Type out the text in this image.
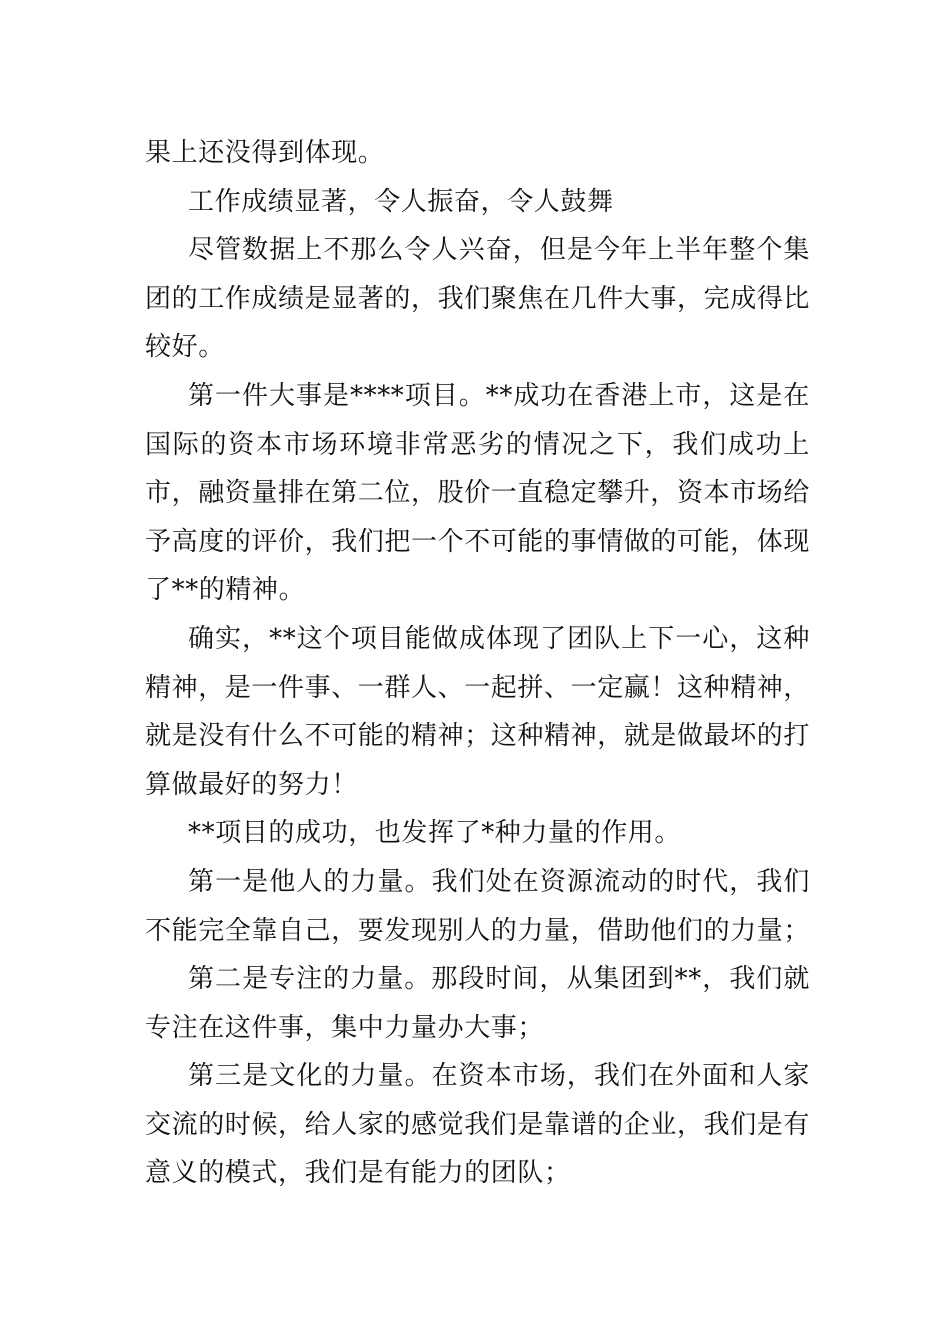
果上还没得到体现。

工作成绩显著，令人振奋，令人鼓舞

尽管数据上不那么令人兴奋，但是今年上半年整个集团的工作成绩是显著的，我们聚焦在几件大事，完成得比较好。

第一件大事是****项目。**成功在香港上市，这是在国际的资本市场环境非常恶劣的情况之下，我们成功上市，融资量排在第二位，股价一直稳定攀升，资本市场给予高度的评价，我们把一个不可能的事情做的可能，体现了**的精神。

确实，**这个项目能做成体现了团队上下一心，这种精神，是一件事、一群人、一起拼、一定赢！这种精神，就是没有什么不可能的精神；这种精神，就是做最坏的打算做最好的努力！

**项目的成功，也发挥了*种力量的作用。

第一是他人的力量。我们处在资源流动的时代，我们不能完全靠自己，要发现别人的力量，借助他们的力量；

第二是专注的力量。那段时间，从集团到**，我们就专注在这件事，集中力量办大事；

第三是文化的力量。在资本市场，我们在外面和人家交流的时候，给人家的感觉我们是靠谱的企业，我们是有意义的模式，我们是有能力的团队；
